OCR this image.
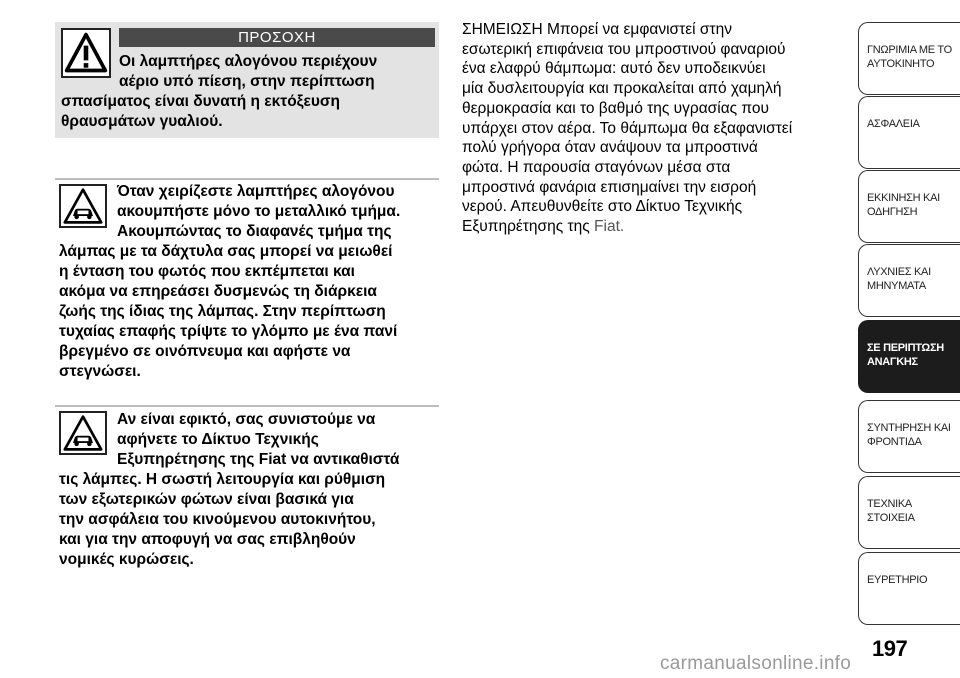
ΠΡΟΣΟΧΗ
Οι λαμπτήρες αλογόνου περιέχουν
αέριο υπό πίεση, στην περίπτωση
σπασίματος είναι δυνατή η εκτόξευση
θραυσμάτων γυαλιού.
Όταν χειρίζεστε λαμπτήρες αλογόνου
ακουμπήστε μόνο το μεταλλικό τμήμα.
Ακουμπώντας το διαφανές τμήμα της
λάμπας με τα δάχτυλα σας μπορεί να μειωθεί
η ένταση του φωτός που εκπέμπεται και
ακόμα να επηρεάσει δυσμενώς τη διάρκεια
ζωής της ίδιας της λάμπας. Στην περίπτωση
τυχαίας επαφής τρίψτε το γλόμπο με ένα πανί
βρεγμένο σε οινόπνευμα και αφήστε να
στεγνώσει.
Αν είναι εφικτό, σας συνιστούμε να
αφήνετε το Δίκτυο Τεχνικής
Εξυπηρέτησης της Fiat να αντικαθιστά
τις λάμπες. Η σωστή λειτουργία και ρύθμιση
των εξωτερικών φώτων είναι βασικά για
την ασφάλεια του κινούμενου αυτοκινήτου,
και για την αποφυγή να σας επιβληθούν
νομικές κυρώσεις.
ΣΗΜΕΙΩΣΗ Μπορεί να εμφανιστεί στην
εσωτερική επιφάνεια του μπροστινού φαναριού
ένα ελαφρύ θάμπωμα: αυτό δεν υποδεικνύει
μία δυσλειτουργία και προκαλείται από χαμηλή
θερμοκρασία και το βαθμό της υγρασίας που
υπάρχει στον αέρα. Το θάμπωμα θα εξαφανιστεί
πολύ γρήγορα όταν ανάψουν τα μπροστινά
φώτα. Η παρουσία σταγόνων μέσα στα
μπροστινά φανάρια επισημαίνει την εισροή
νερού. Απευθυνθείτε στο Δίκτυο Τεχνικής
Εξυπηρέτησης της Fiat.
ΓΝΩΡΙΜΙΑ ΜΕ ΤΟ
ΑΥΤΟΚΙΝΗΤΟ
ΑΣΦΑΛΕΙΑ
ΕΚΚΙΝΗΣΗ ΚΑΙ
ΟΔΗΓΗΣΗ
ΛΥΧΝΙΕΣ ΚΑΙ
ΜΗΝΥΜΑΤΑ
ΣΕ ΠΕΡΙΠΤΩΣΗ
ΑΝΑΓΚΗΣ
ΣΥΝΤΗΡΗΣΗ ΚΑΙ
ΦΡΟΝΤΙΔΑ
ΤΕΧΝΙΚΑ ΣΤΟΙΧΕΙΑ
ΕΥΡΕΤΗΡΙΟ
197
carmanualsonline.info
